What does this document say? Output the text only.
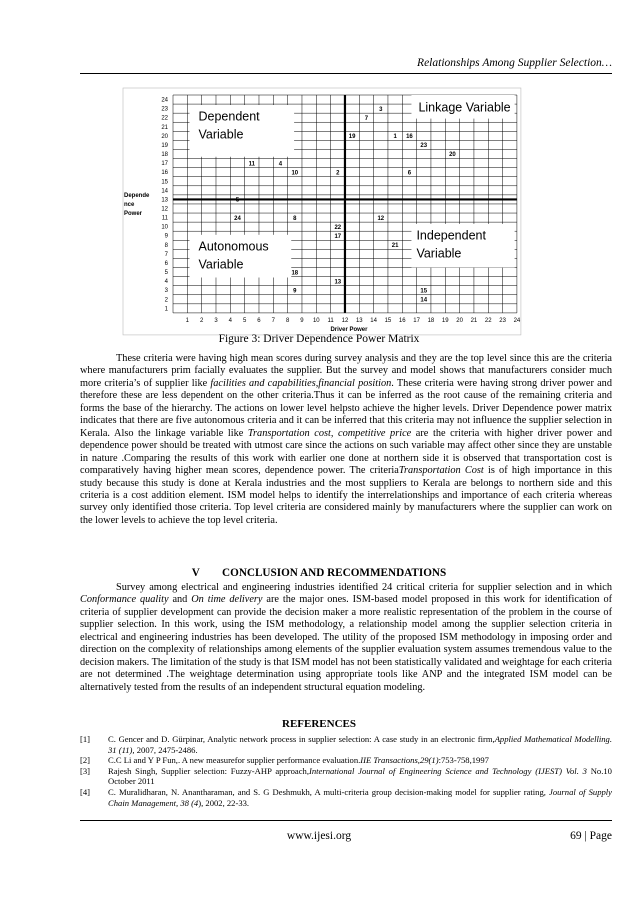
Relationships Among Supplier Selection…
1
2
3
4
5
6
7
8
9
10
11
12
13
14
15
16
17
18
19
20
21
22
23
24
1 2 3 4 5 6 7 8 9 10 11 12 13 14 15 16 17 18 19 20 21 22 23 24
Driver Power
Depende
nce
Power
Dependent
Variable
Linkage Variable
Autonomous
Variable
Independent
Variable
1
2
3
4
5
6
7
8
9
10
11
12
13
14
15
16
17
18
19
20
21
22
23
24
Figure 3: Driver Dependence Power Matrix

These criteria were having high mean scores during survey analysis and they are the top level since this are the criteria where manufacturers prim facially evaluates the supplier. But the survey and model shows that manufacturers consider much more criteria’s of supplier like facilities and capabilities,financial position. These criteria were having strong driver power and therefore these are less dependent on the other criteria.Thus it can be inferred as the root cause of the remaining criteria and forms the base of the hierarchy. The actions on lower level helpsto achieve the higher levels. Driver Dependence power matrix indicates that there are five autonomous criteria and it can be inferred that this criteria may not influence the supplier selection in Kerala. Also the linkage variable like Transportation cost, competitive price are the criteria with higher driver power and dependence power should be treated with utmost care since the actions on such variable may affect other since they are unstable in nature .Comparing the results of this work with earlier one done at northern side it is observed that transportation cost is comparatively having higher mean scores, dependence power. The criteriaTransportation Cost is of high importance in this study because this study is done at Kerala industries and the most suppliers to Kerala are belongs to northern side and this criteria is a cost addition element. ISM model helps to identify the interrelationships and importance of each criteria whereas survey only identified those criteria. Top level criteria are considered mainly by manufacturers where the supplier can work on the lower levels to achieve the top level criteria.

V        CONCLUSION AND RECOMMENDATIONS

Survey among electrical and engineering industries identified 24 critical criteria for supplier selection and in which Conformance quality and On time delivery are the major ones. ISM-based model proposed in this work for identification of criteria of supplier development can provide the decision maker a more realistic representation of the problem in the course of supplier selection. In this work, using the ISM methodology, a relationship model among the supplier selection criteria in electrical and engineering industries has been developed. The utility of the proposed ISM methodology in imposing order and direction on the complexity of relationships among elements of the supplier evaluation system assumes tremendous value to the decision makers. The limitation of the study is that ISM model has not been statistically validated and weightage for each criteria are not determined .The weightage determination using appropriate tools like ANP and the integrated ISM model can be alternatively tested from the results of an independent structural equation modeling.

REFERENCES
[1]	C. Gencer and D. Gürpinar, Analytic network process in supplier selection: A case study in an electronic firm,Applied Mathematical Modelling. 31 (11), 2007, 2475-2486.
[2]	C.C Li and Y P Fun,. A new measurefor supplier performance evaluation.IIE Transactions,29(1):753-758,1997
[3]	Rajesh Singh, Supplier selection: Fuzzy-AHP approach,International Journal of Engineering Science and Technology (IJEST) Vol. 3 No.10 October 2011
[4]	C. Muralidharan, N. Anantharaman, and S. G Deshmukh, A multi-criteria group decision-making model for supplier rating, Journal of Supply Chain Management, 38 (4), 2002, 22-33.
www.ijesi.org	69 | Page
